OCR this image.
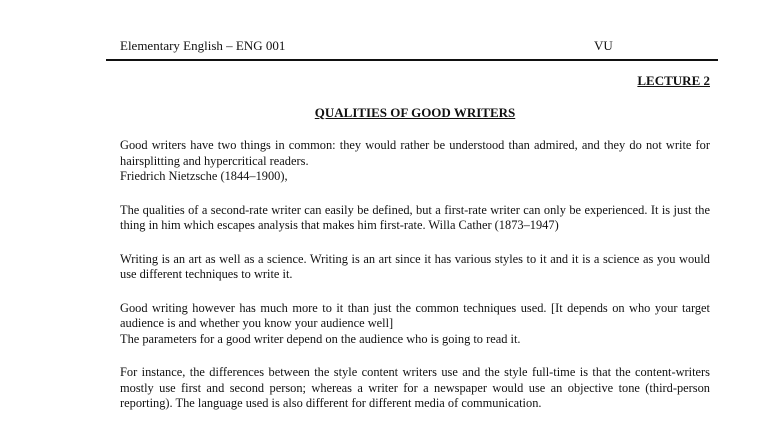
Elementary English – ENG 001	VU
LECTURE 2
QUALITIES OF GOOD WRITERS

Good writers have two things in common: they would rather be understood than admired, and they do not write for hairsplitting and hypercritical readers.
Friedrich Nietzsche (1844–1900),

The qualities of a second-rate writer can easily be defined, but a first-rate writer can only be experienced. It is just the thing in him which escapes analysis that makes him first-rate. Willa Cather (1873–1947)

Writing is an art as well as a science. Writing is an art since it has various styles to it and it is a science as you would use different techniques to write it.

Good writing however has much more to it than just the common techniques used. [It depends on who your target audience is and whether you know your audience well]
The parameters for a good writer depend on the audience who is going to read it.

For instance, the differences between the style content writers use and the style full-time is that the content-writers mostly use first and second person; whereas a writer for a newspaper would use an objective tone (third-person reporting). The language used is also different for different media of communication.
